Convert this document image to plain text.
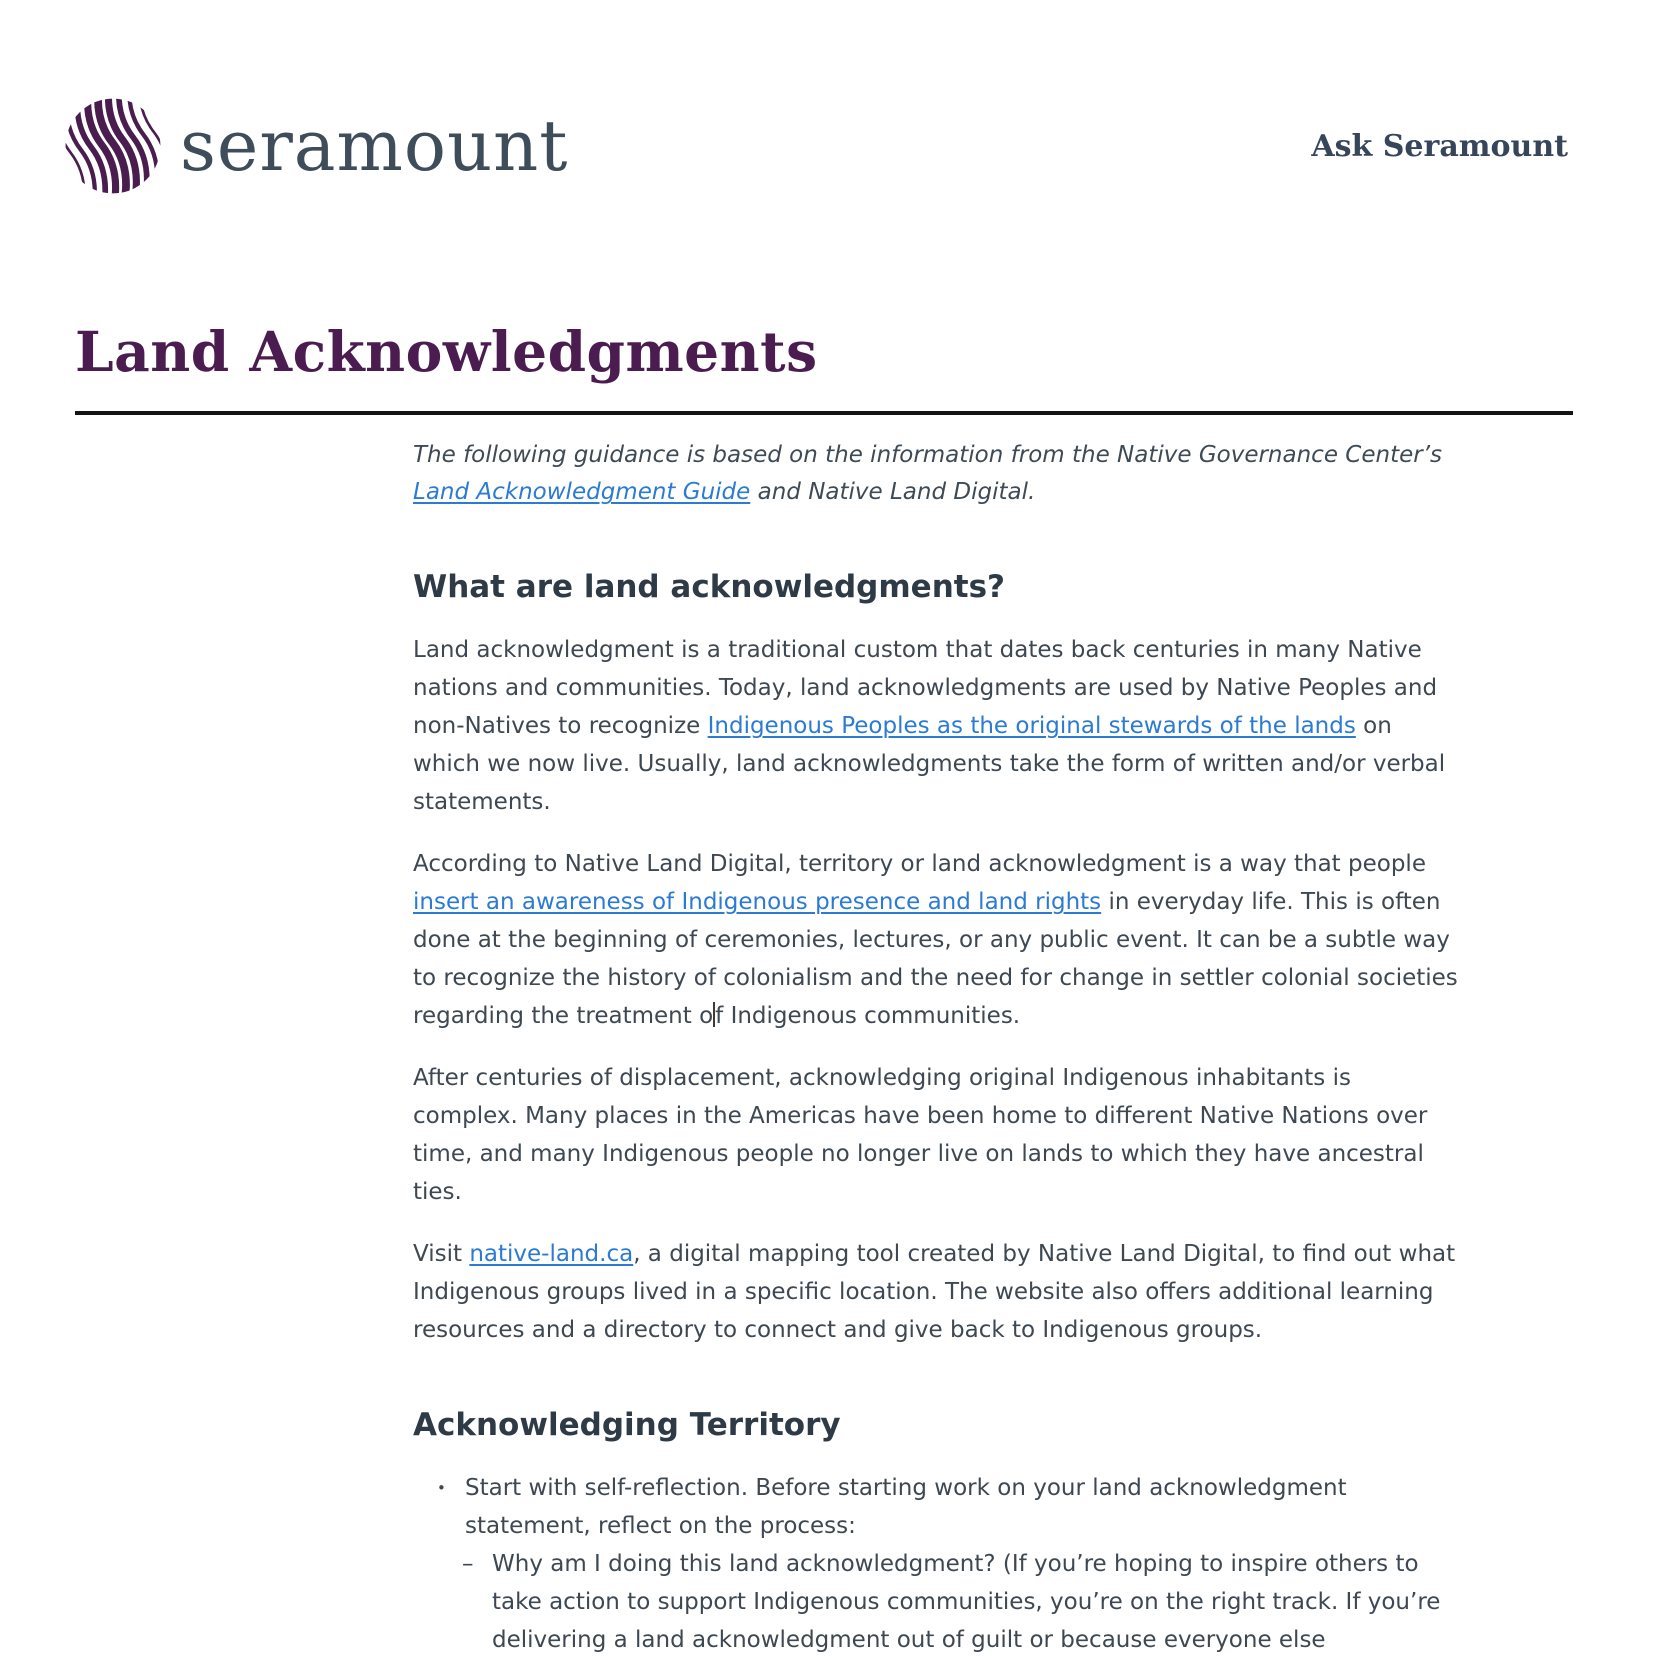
seramount	Ask Seramount
Land Acknowledgments

The following guidance is based on the information from the Native Governance Center’s Land Acknowledgment Guide and Native Land Digital.

What are land acknowledgments?

Land acknowledgment is a traditional custom that dates back centuries in many Native nations and communities. Today, land acknowledgments are used by Native Peoples and non-Natives to recognize Indigenous Peoples as the original stewards of the lands on which we now live. Usually, land acknowledgments take the form of written and/or verbal statements.

According to Native Land Digital, territory or land acknowledgment is a way that people insert an awareness of Indigenous presence and land rights in everyday life. This is often done at the beginning of ceremonies, lectures, or any public event. It can be a subtle way to recognize the history of colonialism and the need for change in settler colonial societies regarding the treatment of Indigenous communities.

After centuries of displacement, acknowledging original Indigenous inhabitants is complex. Many places in the Americas have been home to different Native Nations over time, and many Indigenous people no longer live on lands to which they have ancestral ties.

Visit native-land.ca, a digital mapping tool created by Native Land Digital, to find out what Indigenous groups lived in a specific location. The website also offers additional learning resources and a directory to connect and give back to Indigenous groups.

Acknowledging Territory
• Start with self-reflection. Before starting work on your land acknowledgment statement, reflect on the process:
– Why am I doing this land acknowledgment? (If you’re hoping to inspire others to take action to support Indigenous communities, you’re on the right track. If you’re delivering a land acknowledgment out of guilt or because everyone else
